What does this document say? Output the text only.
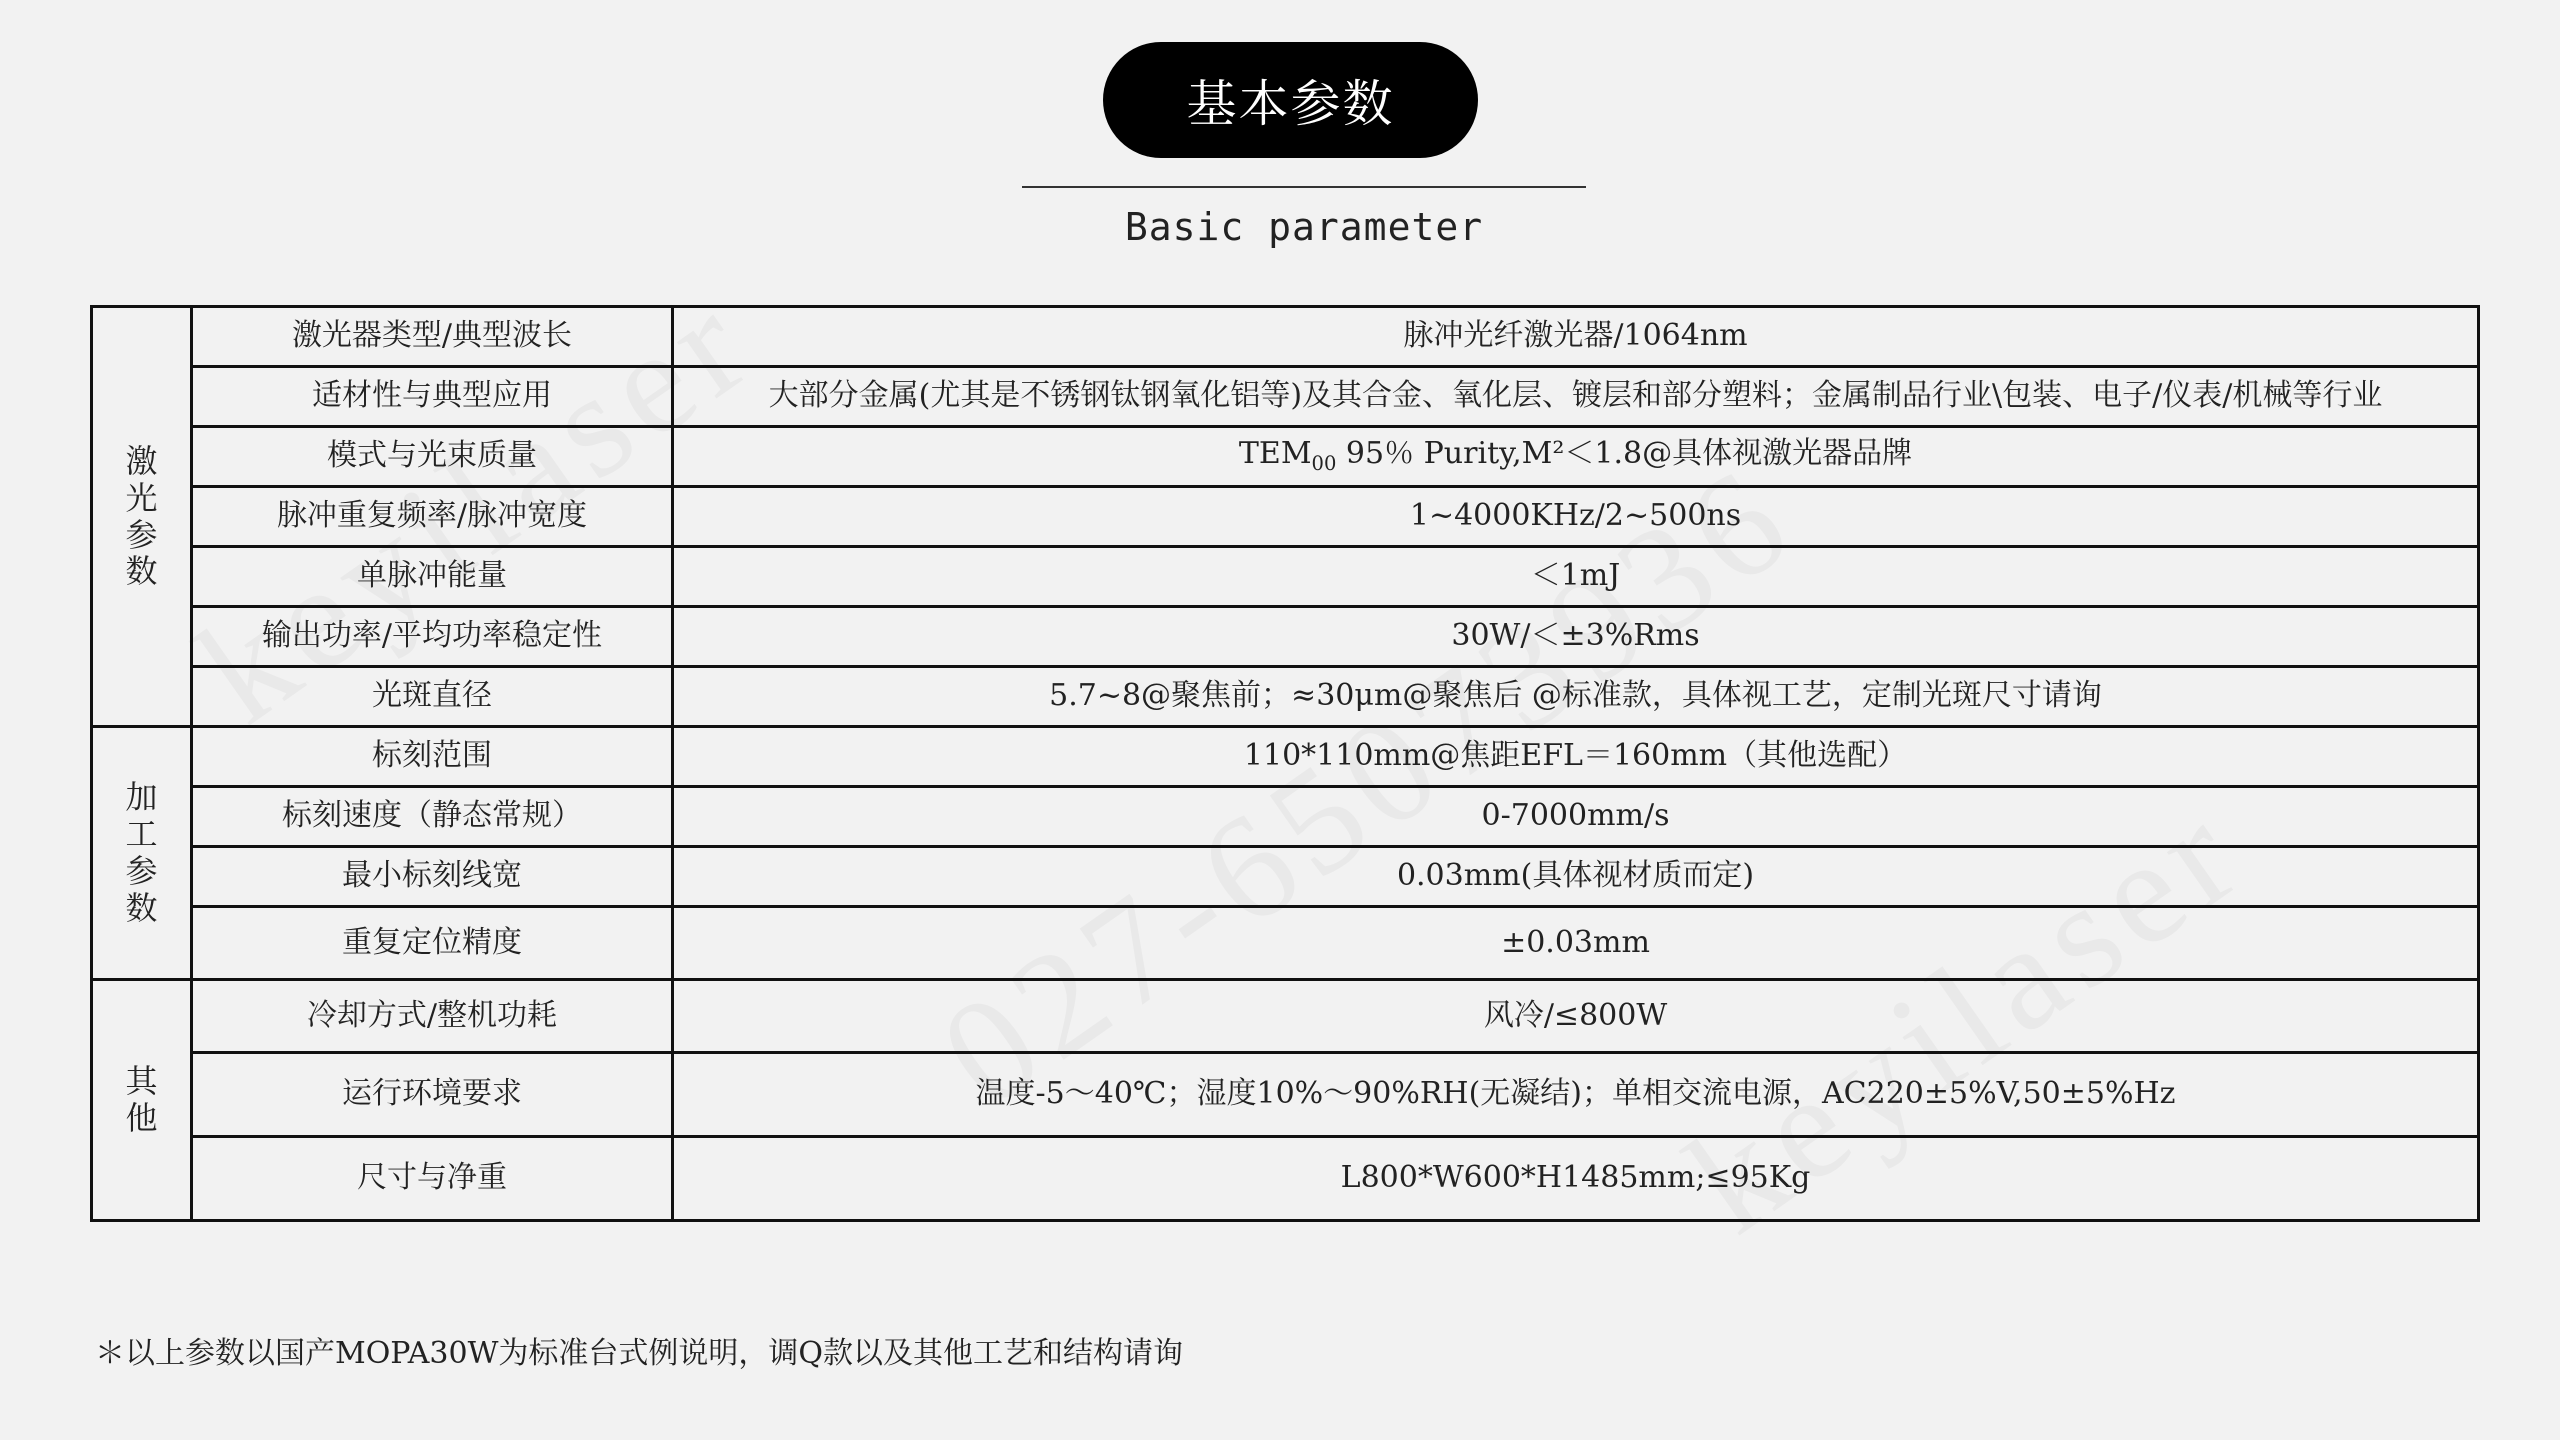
基本参数
Basic parameter
激
光
参
数	激光器类型/典型波长	脉冲光纤激光器/1064nm
	适材性与典型应用	大部分金属(尤其是不锈钢钛钢氧化铝等)及其合金、氧化层、镀层和部分塑料；金属制品行业\包装、电子/仪表/机械等行业
	模式与光束质量	$TEM_{00}$ 95％ Purity,M²＜1.8@具体视激光器品牌
	脉冲重复频率/脉冲宽度	1~4000KHz/2~500ns
	单脉冲能量	＜1mJ
	输出功率/平均功率稳定性	30W/＜±3%Rms
	光斑直径	5.7~8@聚焦前；≈30μm@聚焦后 @标准款，具体视工艺，定制光斑尺寸请询

加
工
参
数	标刻范围	110*110mm@焦距EFL＝160mm（其他选配）
	标刻速度（静态常规）	0-7000mm/s
	最小标刻线宽	0.03mm(具体视材质而定)
	重复定位精度	±0.03mm

其
他	冷却方式/整机功耗	风冷/≤800W
	运行环境要求	温度-5～40℃；湿度10%～90%RH(无凝结)；单相交流电源，AC220±5%V,50±5%Hz
	尺寸与净重	L800*W600*H1485mm;≤95Kg
＊以上参数以国产MOPA30W为标准台式例说明，调Q款以及其他工艺和结构请询
